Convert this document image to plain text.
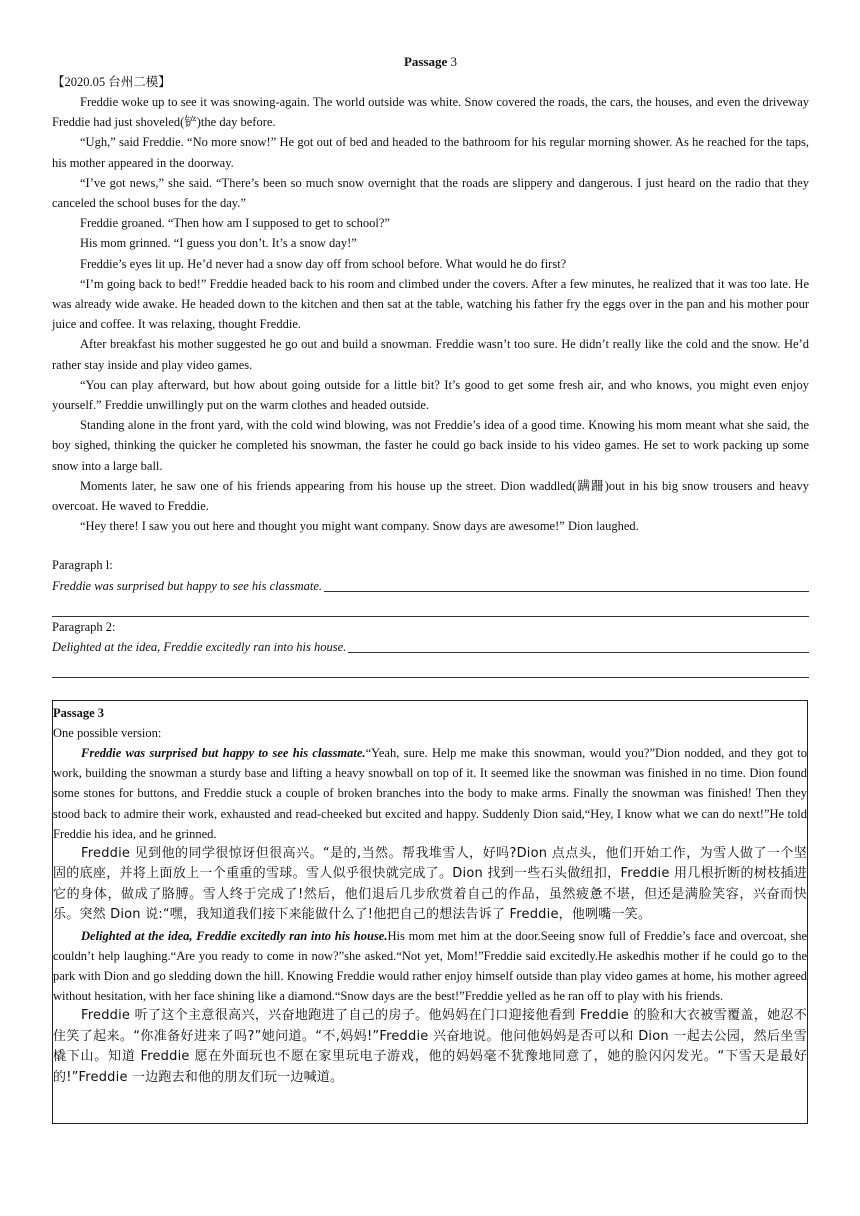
Passage 3
【2020.05 台州二模】

Freddie woke up to see it was snowing-again. The world outside was white. Snow covered the roads, the cars, the houses, and even the driveway Freddie had just shoveled(铲)the day before.

“Ugh,” said Freddie. “No more snow!” He got out of bed and headed to the bathroom for his regular morning shower. As he reached for the taps, his mother appeared in the doorway.

“I’ve got news,” she said. “There’s been so much snow overnight that the roads are slippery and dangerous. I just heard on the radio that they canceled the school buses for the day.”

Freddie groaned. “Then how am I supposed to get to school?”

His mom grinned. “I guess you don’t. It’s a snow day!”

Freddie’s eyes lit up. He’d never had a snow day off from school before. What would he do first?

“I’m going back to bed!” Freddie headed back to his room and climbed under the covers. After a few minutes, he realized that it was too late. He was already wide awake. He headed down to the kitchen and then sat at the table, watching his father fry the eggs over in the pan and his mother pour juice and coffee. It was relaxing, thought Freddie.

After breakfast his mother suggested he go out and build a snowman. Freddie wasn’t too sure. He didn’t really like the cold and the snow. He’d rather stay inside and play video games.

“You can play afterward, but how about going outside for a little bit? It’s good to get some fresh air, and who knows, you might even enjoy yourself.” Freddie unwillingly put on the warm clothes and headed outside.

Standing alone in the front yard, with the cold wind blowing, was not Freddie’s idea of a good time. Knowing his mom meant what she said, the boy sighed, thinking the quicker he completed his snowman, the faster he could go back inside to his video games. He set to work packing up some snow into a large ball.

Moments later, he saw one of his friends appearing from his house up the street. Dion waddled(蹒跚)out in his big snow trousers and heavy overcoat. He waved to Freddie.

“Hey there! I saw you out here and thought you might want company. Snow days are awesome!” Dion laughed.

Paragraph l:
Freddie was surprised but happy to see his classmate.
Paragraph 2:
Delighted at the idea, Freddie excitedly ran into his house.
Passage 3
One possible version:

Freddie was surprised but happy to see his classmate.“Yeah, sure. Help me make this snowman, would you?”Dion nodded, and they got to work, building the snowman a sturdy base and lifting a heavy snowball on top of it. It seemed like the snowman was finished in no time. Dion found some stones for buttons, and Freddie stuck a couple of broken branches into the body to make arms. Finally the snowman was finished! Then they stood back to admire their work, exhausted and read-cheeked but excited and happy. Suddenly Dion said,“Hey, I know what we can do next!”He told Freddie his idea, and he grinned.

Freddie 见到他的同学很惊讶但很高兴。“是的,当然。帮我堆雪人，好吗?Dion 点点头，他们开始工作，为雪人做了一个坚固的底座，并将上面放上一个重重的雪球。雪人似乎很快就完成了。Dion 找到一些石头做纽扣，Freddie 用几根折断的树枝插进它的身体，做成了胳膊。雪人终于完成了!然后，他们退后几步欣赏着自己的作品，虽然疲惫不堪，但还是满脸笑容，兴奋而快乐。突然 Dion 说:“嘿，我知道我们接下来能做什么了!他把自己的想法告诉了 Freddie，他咧嘴一笑。

Delighted at the idea, Freddie excitedly ran into his house.His mom met him at the door.Seeing snow full of Freddie’s face and overcoat, she couldn’t help laughing.“Are you ready to come in now?”she asked.“Not yet, Mom!”Freddie said excitedly.He askedhis mother if he could go to the park with Dion and go sledding down the hill. Knowing Freddie would rather enjoy himself outside than play video games at home, his mother agreed without hesitation, with her face shining like a diamond.“Snow days are the best!”Freddie yelled as he ran off to play with his friends.

Freddie 听了这个主意很高兴，兴奋地跑进了自己的房子。他妈妈在门口迎接他看到 Freddie 的脸和大衣被雪覆盖，她忍不住笑了起来。“你准备好进来了吗?”她问道。“不,妈妈!”Freddie 兴奋地说。他问他妈妈是否可以和 Dion 一起去公园，然后坐雪橇下山。知道 Freddie 愿在外面玩也不愿在家里玩电子游戏，他的妈妈毫不犹豫地同意了，她的脸闪闪发光。“下雪天是最好的!”Freddie 一边跑去和他的朋友们玩一边喊道。
